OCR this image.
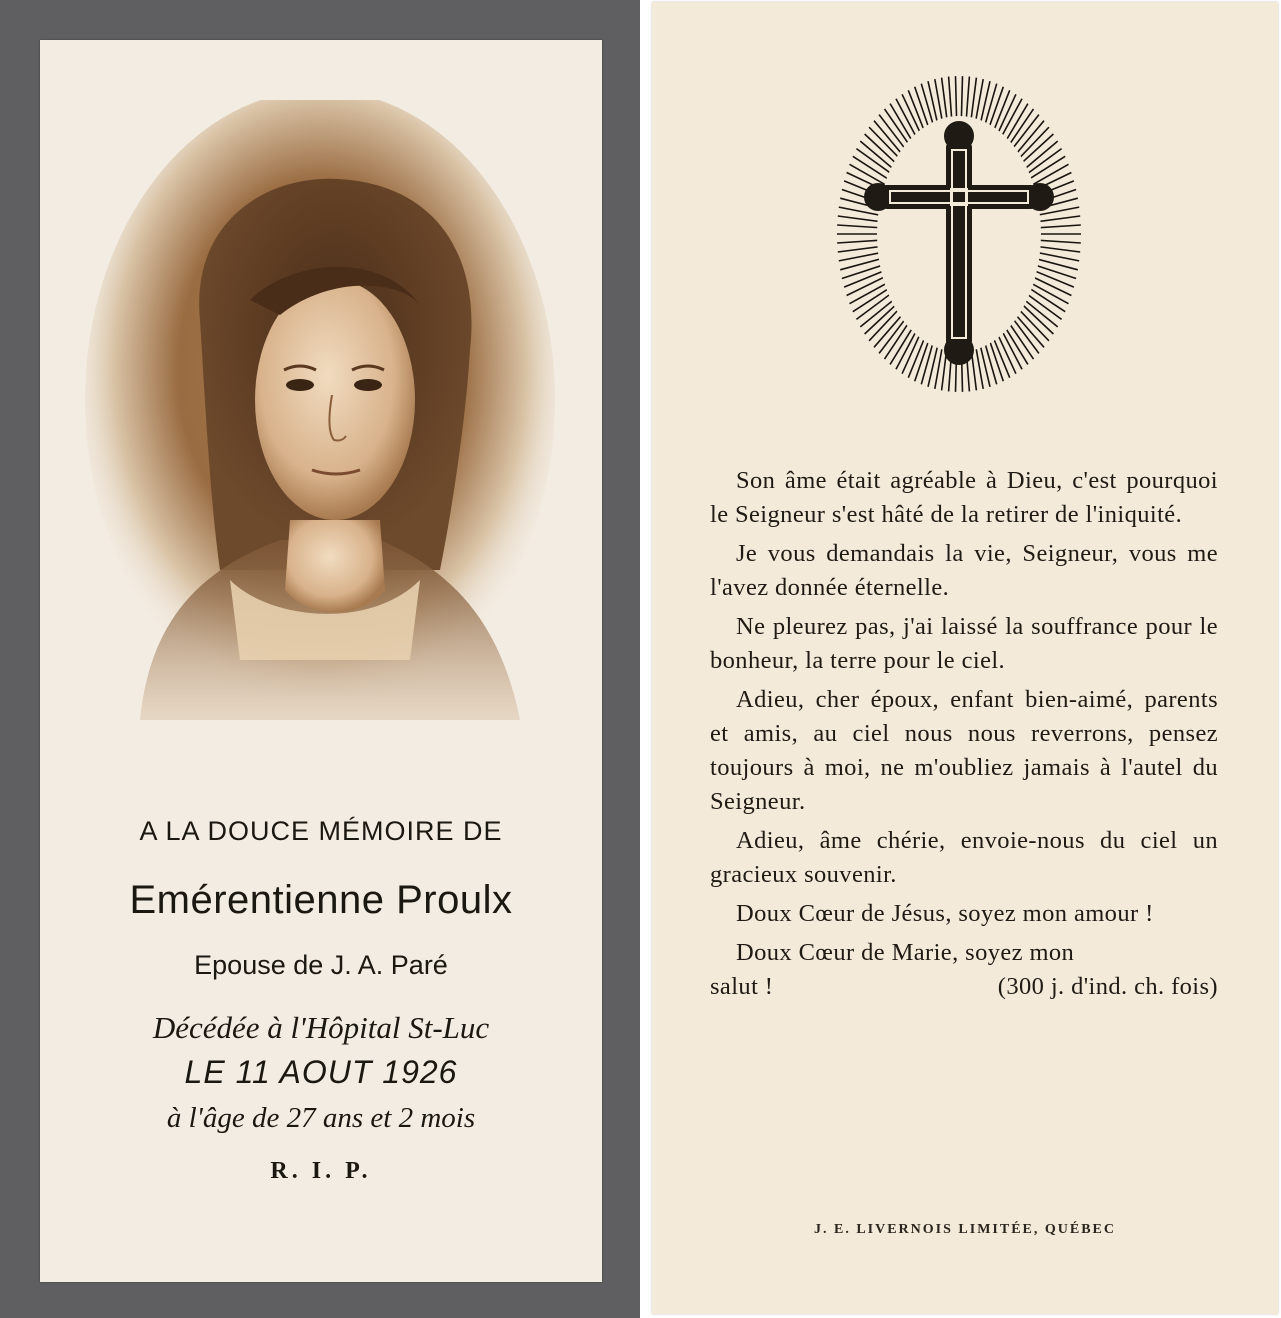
A LA DOUCE MÉMOIRE DE
Emérentienne Proulx
Epouse de J. A. Paré
Décédée à l'Hôpital St-Luc
LE 11 AOUT 1926
à l'âge de 27 ans et 2 mois
R. I. P.

Son âme était agréable à Dieu, c'est pourquoi le Seigneur s'est hâté de la retirer de l'iniquité.

Je vous demandais la vie, Seigneur, vous me l'avez donnée éternelle.

Ne pleurez pas, j'ai laissé la souffrance pour le bonheur, la terre pour le ciel.

Adieu, cher époux, enfant bien-aimé, parents et amis, au ciel nous nous reverrons, pensez toujours à moi, ne m'oubliez jamais à l'autel du Seigneur.

Adieu, âme chérie, envoie-nous du ciel un gracieux souvenir.

Doux Cœur de Jésus, soyez mon amour !

Doux Cœur de Marie, soyez mon

salut !	(300 j. d'ind. ch. fois)
J. E. LIVERNOIS LIMITÉE, QUÉBEC
